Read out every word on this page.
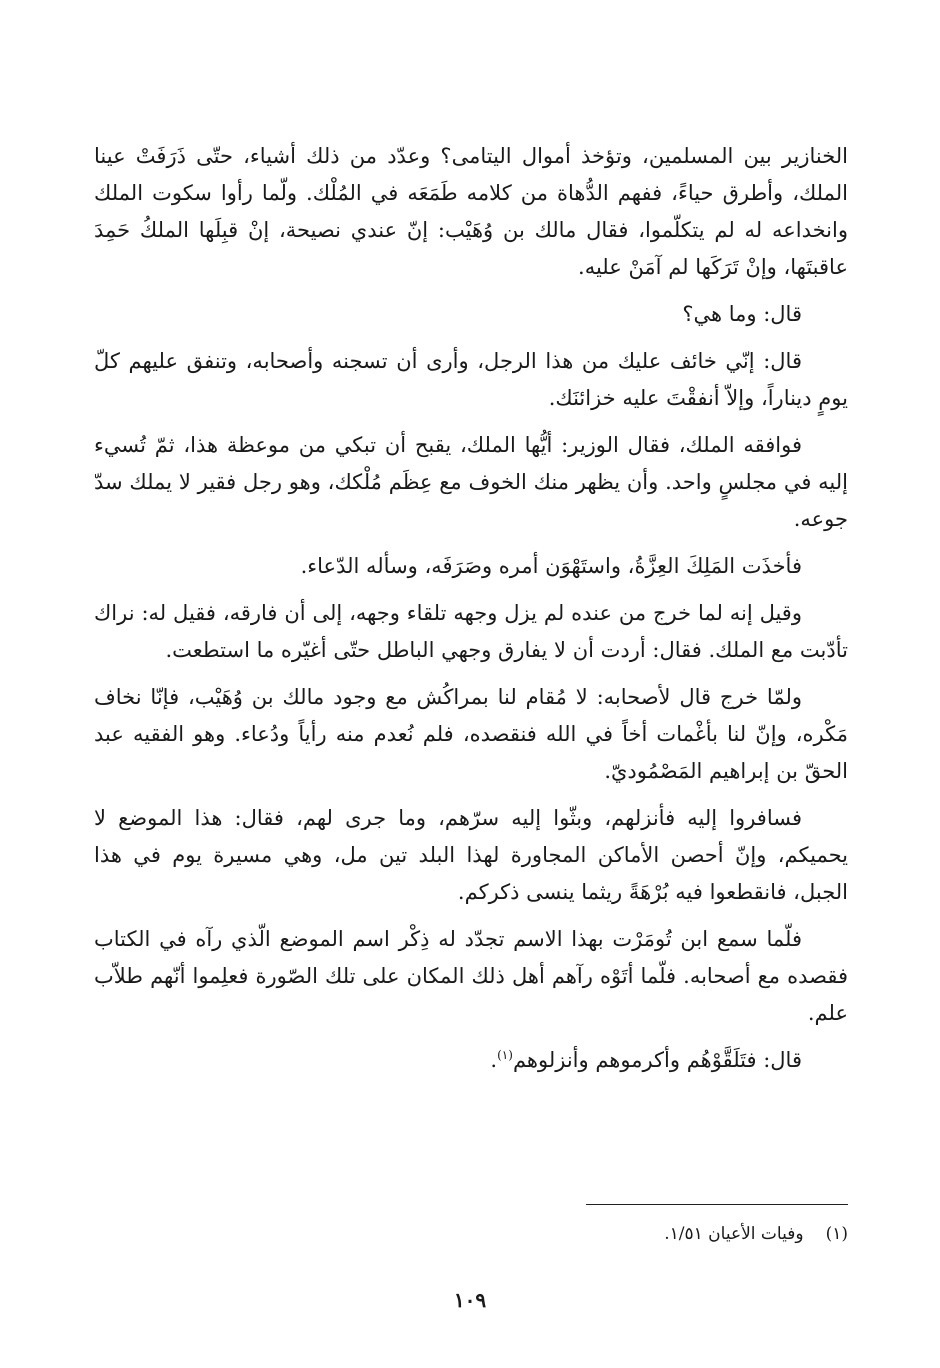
الخنازير بين المسلمين، وتؤخذ أموال اليتامى؟ وعدّد من ذلك أشياء، حتّى ذَرَفَتْ عينا الملك، وأطرق حياءً، ففهم الدُّهاة من كلامه طَمَعَه في المُلْك. ولّما رأوا سكوت الملك وانخداعه له لم يتكلّموا، فقال مالك بن وُهَيْب: إنّ عندي نصيحة، إنْ قبِلَها الملكُ حَمِدَ عاقبتَها، وإنْ تَرَكَها لم آمَنْ عليه.

قال: وما هي؟

قال: إنّي خائف عليك من هذا الرجل، وأرى أن تسجنه وأصحابه، وتنفق عليهم كلّ يومٍ ديناراً، وإلاّ أنفقْتَ عليه خزائنَك.

فوافقه الملك، فقال الوزير: أيُّها الملك، يقبح أن تبكي من موعظة هذا، ثمّ تُسيء إليه في مجلسٍ واحد. وأن يظهر منك الخوف مع عِظَم مُلْكك، وهو رجل فقير لا يملك سدّ جوعه.

فأخذَت المَلِكَ العِزَّةُ، واستَهْوَن أمره وصَرَفَه، وسأله الدّعاء.

وقيل إنه لما خرج من عنده لم يزل وجهه تلقاء وجهه، إلى أن فارقه، فقيل له: نراك تأدّبت مع الملك. فقال: أردت أن لا يفارق وجهي الباطل حتّى أغيّره ما استطعت.

ولمّا خرج قال لأصحابه: لا مُقام لنا بمراكُش مع وجود مالك بن وُهَيْب، فإنّا نخاف مَكْره، وإنّ لنا بأغْمات أخاً في الله فنقصده، فلم نُعدم منه رأياً ودُعاء. وهو الفقيه عبد الحقّ بن إبراهيم المَصْمُوديّ.

فسافروا إليه فأنزلهم، وبثّوا إليه سرّهم، وما جرى لهم، فقال: هذا الموضع لا يحميكم، وإنّ أحصن الأماكن المجاورة لهذا البلد تين مل، وهي مسيرة يوم في هذا الجبل، فانقطعوا فيه بُرْهَةً ريثما ينسى ذكركم.

فلّما سمع ابن تُومَرْت بهذا الاسم تجدّد له ذِكْر اسم الموضع الّذي رآه في الكتاب فقصده مع أصحابه. فلّما أتَوْه رآهم أهل ذلك المكان على تلك الصّورة فعلِموا أنّهم طلاّب علم.

قال: فتَلَقَّوْهُم وأكرموهم وأنزلوهم$^{(١)}$.

(١)وفيات الأعيان ١/٥١.
١٠٩
